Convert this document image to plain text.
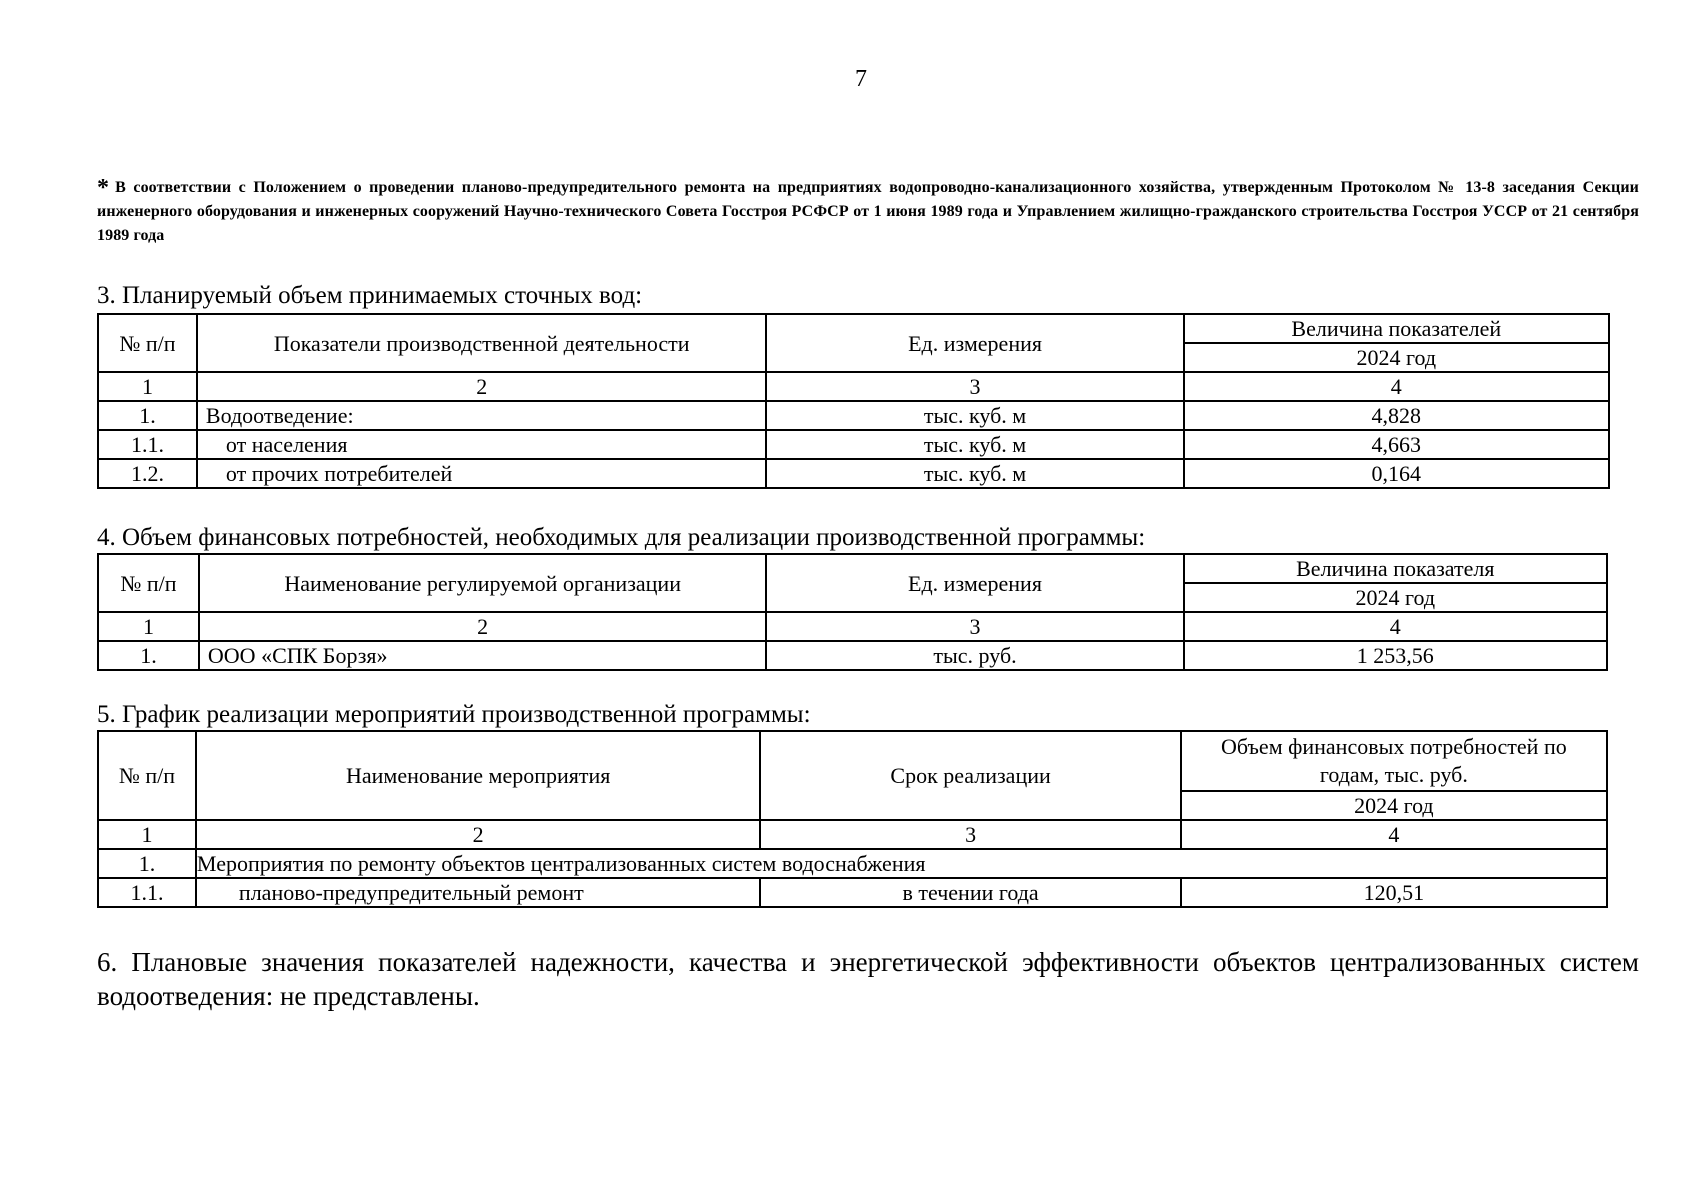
7
* В соответствии с Положением о проведении планово-предупредительного ремонта на предприятиях водопроводно-канализационного хозяйства, утвержденным Протоколом № 13-8 заседания Секции инженерного оборудования и инженерных сооружений Научно-технического Совета Госстроя РСФСР от 1 июня 1989 года и Управлением жилищно-гражданского строительства Госстроя УССР от 21 сентября 1989 года
3. Планируемый объем принимаемых сточных вод:
№ п/п	Показатели производственной деятельности	Ед. измерения	Величина показателей
			2024 год
1	2	3	4
1.	Водоотведение:	тыс. куб. м	4,828
1.1.	от населения	тыс. куб. м	4,663
1.2.	от прочих потребителей	тыс. куб. м	0,164
4. Объем финансовых потребностей, необходимых для реализации производственной программы:
№ п/п	Наименование регулируемой организации	Ед. измерения	Величина показателя
			2024 год
1	2	3	4
1.	ООО «СПК Борзя»	тыс. руб.	1 253,56
5. График реализации мероприятий производственной программы:
№ п/п	Наименование мероприятия	Срок реализации	Объем финансовых потребностей по годам, тыс. руб.
			2024 год
1	2	3	4
1.	Мероприятия по ремонту объектов централизованных систем водоснабжения		
1.1.	планово-предупредительный ремонт	в течении года	120,51
6. Плановые значения показателей надежности, качества и энергетической эффективности объектов централизованных систем водоотведения: не представлены.
